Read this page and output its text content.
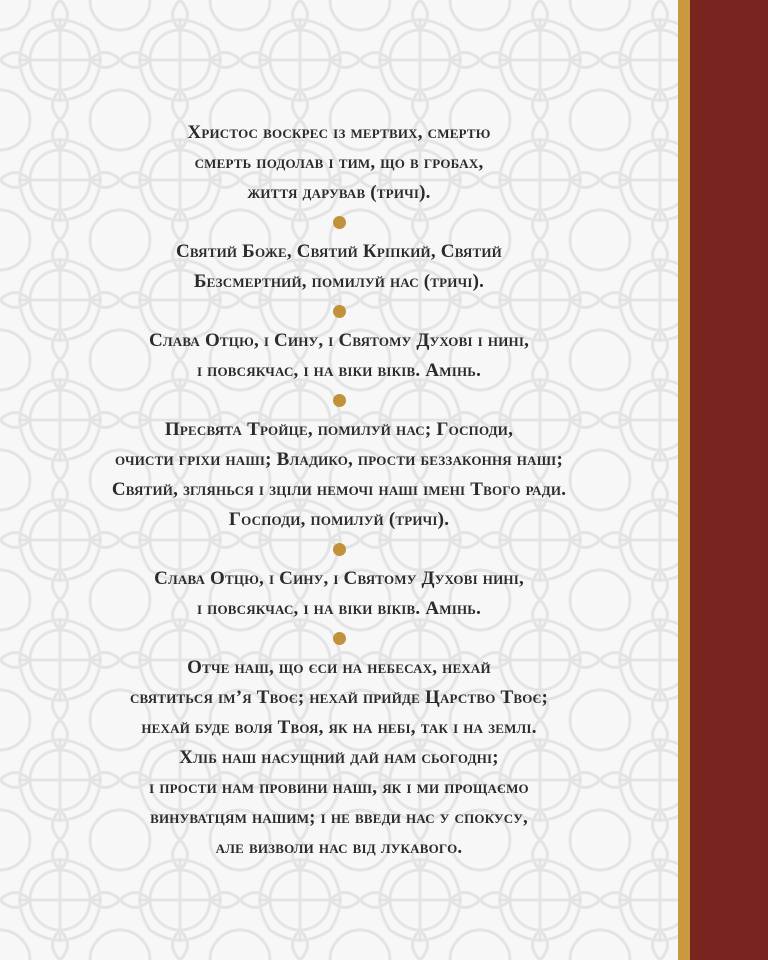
Христос воскрес із мертвих, смертю
смерть подолав і тим, що в гробах,
життя дарував (тричі).
Святий Боже, Святий Кріпкий, Святий
Безсмертний, помилуй нас (тричі).
Слава Отцю, і Сину, і Святому Духові і нині,
і повсякчас, і на віки віків. Амінь.
Пресвята Тройце, помилуй нас; Господи,
очисти гріхи наші; Владико, прости беззаконня наші;
Святий, зглянься і зціли немочі наші імені Твого ради.
Господи, помилуй (тричі).
Слава Отцю, і Сину, і Святому Духові нині,
і повсякчас, і на віки віків. Амінь.
Отче наш, що єси на небесах, нехай
святиться ім’я Твоє; нехай прийде Царство Твоє;
нехай буде воля Твоя, як на небі, так і на землі.
Хліб наш насущний дай нам сьогодні;
і прости нам провини наші, як і ми прощаємо
винуватцям нашим; і не введи нас у спокусу,
але визволи нас від лукавого.
